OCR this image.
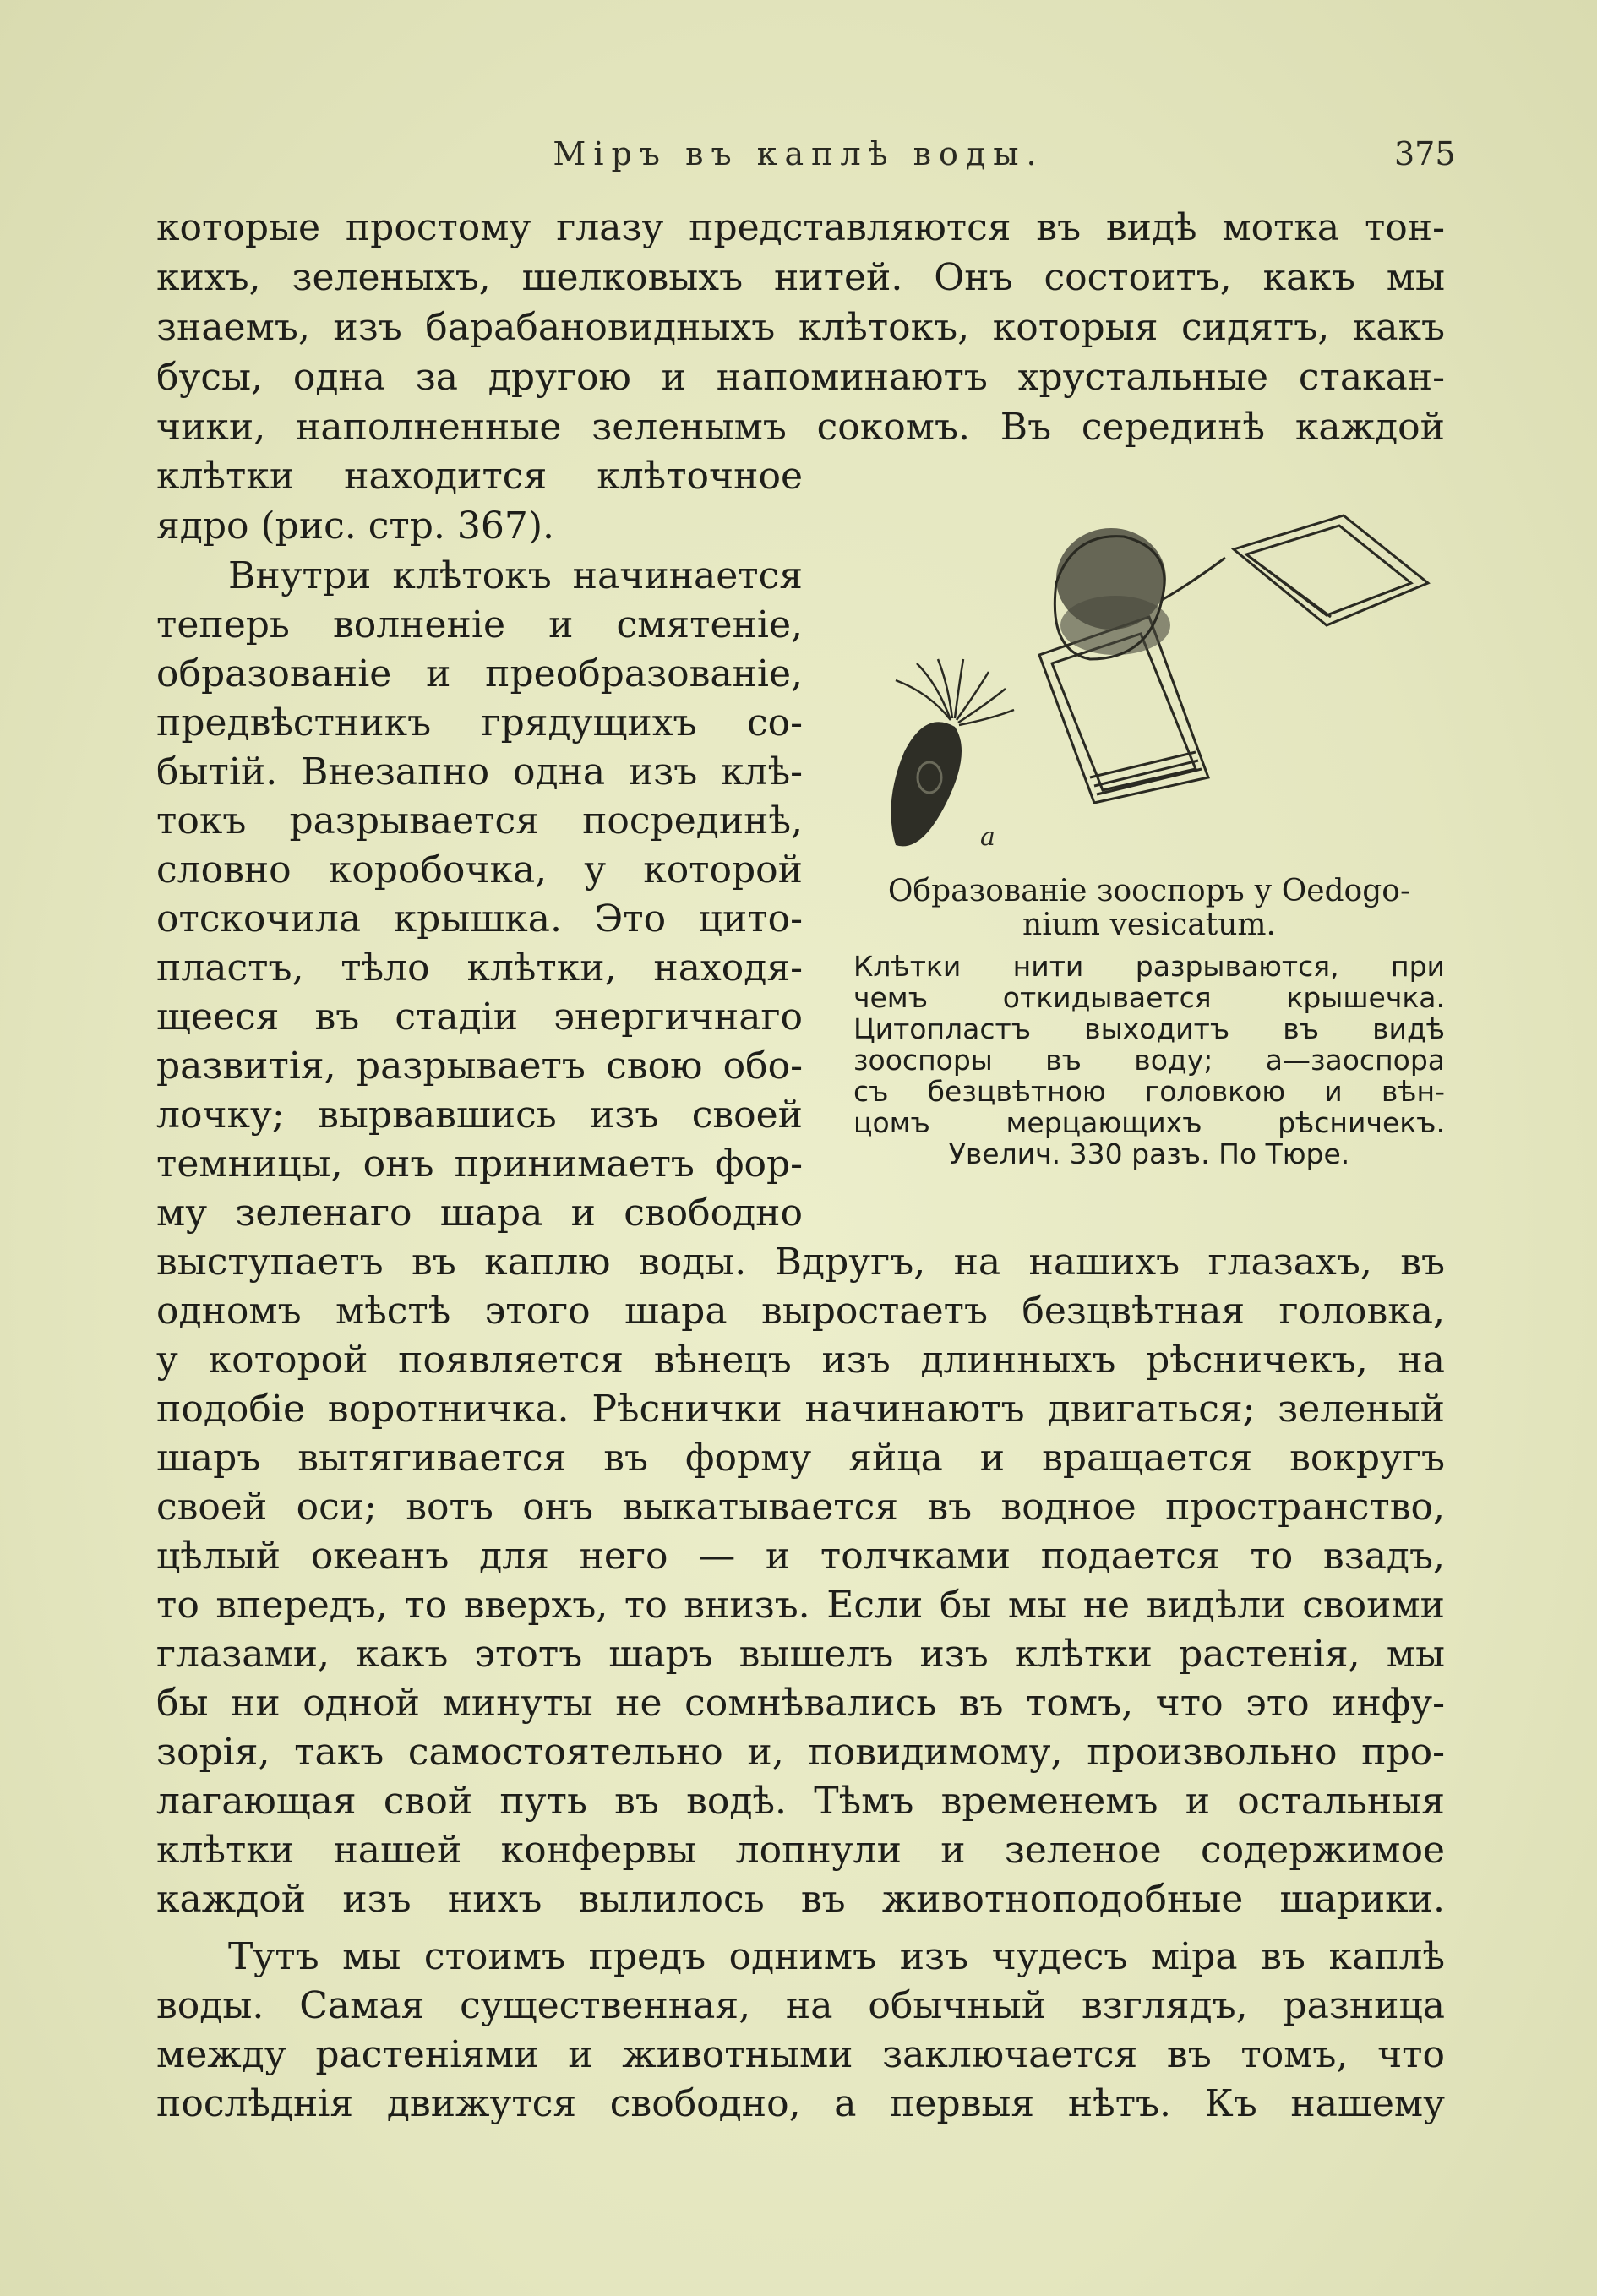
Міръ въ каплѣ воды.	375
которые простому глазу представляются въ видѣ мотка тон-
кихъ, зеленыхъ, шелковыхъ нитей. Онъ состоитъ, какъ мы
знаемъ, изъ барабановидныхъ клѣтокъ, которыя сидятъ, какъ
бусы, одна за другою и напоминаютъ хрустальные стакан-
чики, наполненные зеленымъ сокомъ. Въ серединѣ каждой
клѣтки находится клѣточное
ядро (рис. стр. 367).
Внутри клѣтокъ начинается
теперь волненіе и смятеніе,
образованіе и преобразованіе,
предвѣстникъ грядущихъ со-
бытій. Внезапно одна изъ клѣ-
токъ разрывается посрединѣ,
словно коробочка, у которой
отскочила крышка. Это цито-
пластъ, тѣло клѣтки, находя-
щееся въ стадіи энергичнаго
развитія, разрываетъ свою обо-
лочку; вырвавшись изъ своей
темницы, онъ принимаетъ фор-
му зеленаго шара и свободно
выступаетъ въ каплю воды. Вдругъ, на нашихъ глазахъ, въ
одномъ мѣстѣ этого шара выростаетъ безцвѣтная головка,
у которой появляется вѣнецъ изъ длинныхъ рѣсничекъ, на
подобіе воротничка. Рѣснички начинаютъ двигаться; зеленый
шаръ вытягивается въ форму яйца и вращается вокругъ
своей оси; вотъ онъ выкатывается въ водное пространство,
цѣлый океанъ для него — и толчками подается то взадъ,
то впередъ, то вверхъ, то внизъ. Если бы мы не видѣли своими
глазами, какъ этотъ шаръ вышелъ изъ клѣтки растенія, мы
бы ни одной минуты не сомнѣвались въ томъ, что это инфу-
зорія, такъ самостоятельно и, повидимому, произвольно про-
лагающая свой путь въ водѣ. Тѣмъ временемъ и остальныя
клѣтки нашей конфервы лопнули и зеленое содержимое
каждой изъ нихъ вылилось въ животноподобные шарики.
Тутъ мы стоимъ предъ однимъ изъ чудесъ міра въ каплѣ
воды. Самая существенная, на обычный взглядъ, разница
между растеніями и животными заключается въ томъ, что
послѣднія движутся свободно, а первыя нѣтъ. Къ нашему
a
Образованіе зооспоръ у Oedogo-
nium vesicatum.
Клѣтки нити разрываются, при
чемъ откидывается крышечка.
Цитопластъ выходитъ въ видѣ
зооспоры въ воду; a—заоспора
съ безцвѣтною головкою и вѣн-
цомъ мерцающихъ рѣсничекъ.
Увелич. 330 разъ. По Тюре.
